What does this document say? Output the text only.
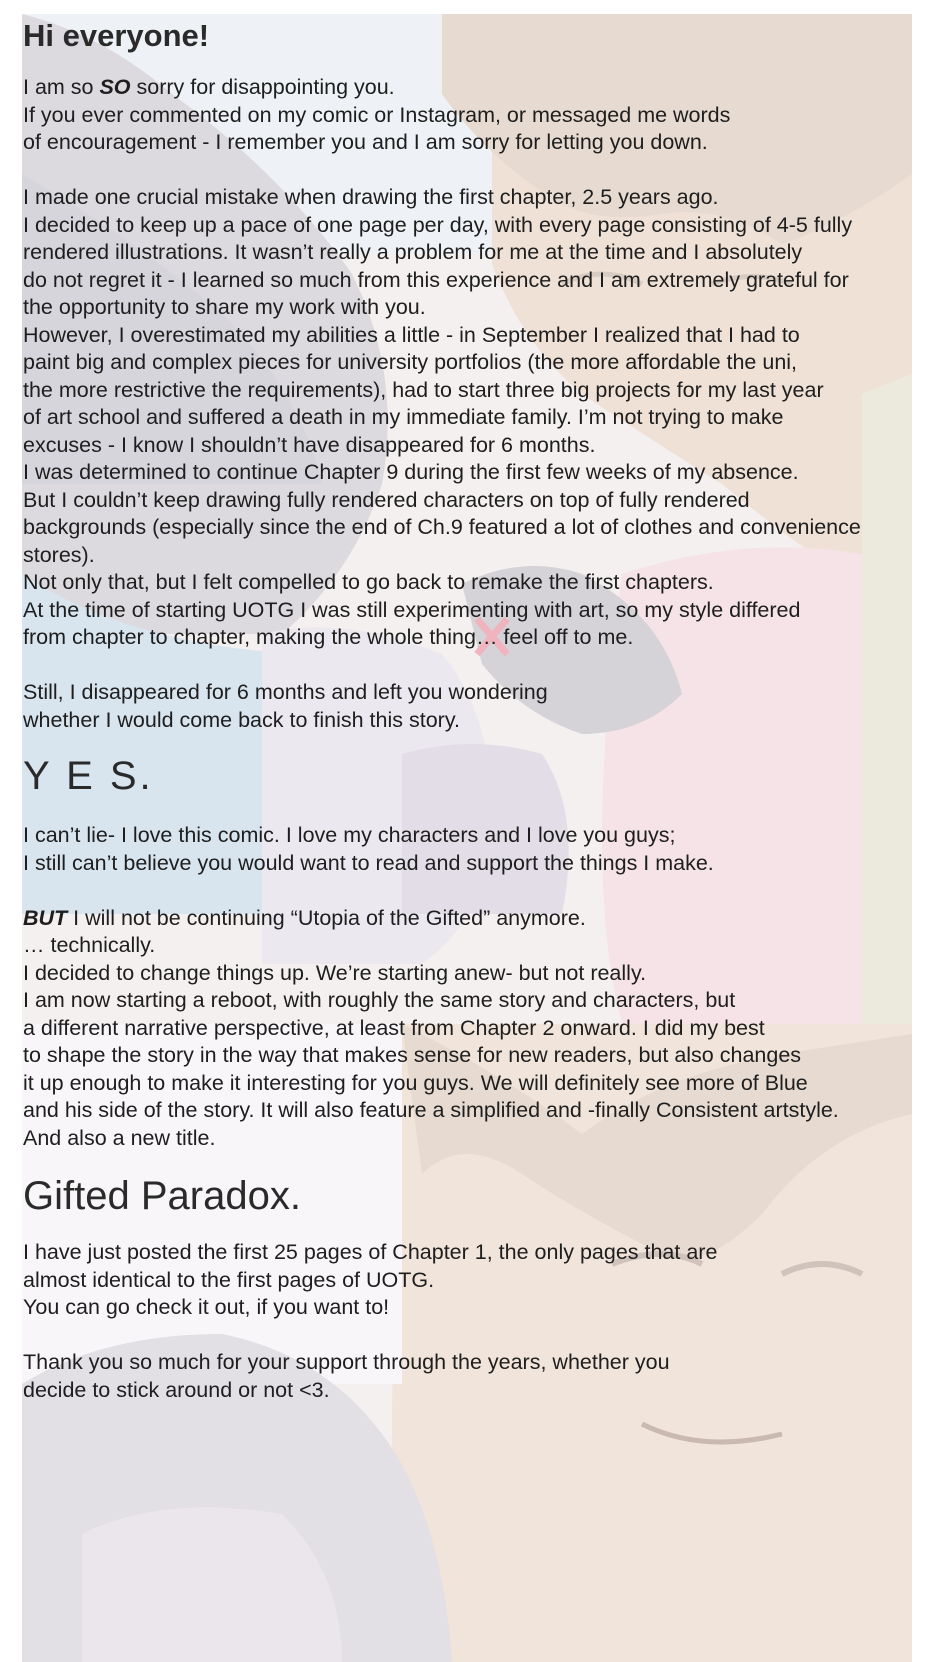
Hi everyone!

I am so SO sorry for disappointing you.

If you ever commented on my comic or Instagram, or messaged me words

of encouragement - I remember you and I am sorry for letting you down.

I made one crucial mistake when drawing the first chapter, 2.5 years ago.

I decided to keep up a pace of one page per day, with every page consisting of 4-5 fully

rendered illustrations. It wasn’t really a problem for me at the time and I absolutely

do not regret it - I learned so much from this experience and I am extremely grateful for

the opportunity to share my work with you.

However, I overestimated my abilities a little - in September I realized that I had to

paint big and complex pieces for university portfolios (the more affordable the uni,

the more restrictive the requirements), had to start three big projects for my last year

of art school and suffered a death in my immediate family. I’m not trying to make

excuses - I know I shouldn’t have disappeared for 6 months.

I was determined to continue Chapter 9 during the first few weeks of my absence.

But I couldn’t keep drawing fully rendered characters on top of fully rendered

backgrounds (especially since the end of Ch.9 featured a lot of clothes and convenience

stores).

Not only that, but I felt compelled to go back to remake the first chapters.

At the time of starting UOTG I was still experimenting with art, so my style differed

from chapter to chapter, making the whole thing… feel off to me.

Still, I disappeared for 6 months and left you wondering

whether I would come back to finish this story.

Y E S.

I can’t lie- I love this comic. I love my characters and I love you guys;

I still can’t believe you would want to read and support the things I make.

BUT I will not be continuing “Utopia of the Gifted” anymore.

… technically.

I decided to change things up. We’re starting anew- but not really.

I am now starting a reboot, with roughly the same story and characters, but

a different narrative perspective, at least from Chapter 2 onward. I did my best

to shape the story in the way that makes sense for new readers, but also changes

it up enough to make it interesting for you guys. We will definitely see more of Blue

and his side of the story. It will also feature a simplified and -finally Consistent artstyle.

And also a new title.

Gifted Paradox.

I have just posted the first 25 pages of Chapter 1, the only pages that are

almost identical to the first pages of UOTG.

You can go check it out, if you want to!

Thank you so much for your support through the years, whether you

decide to stick around or not <3.
